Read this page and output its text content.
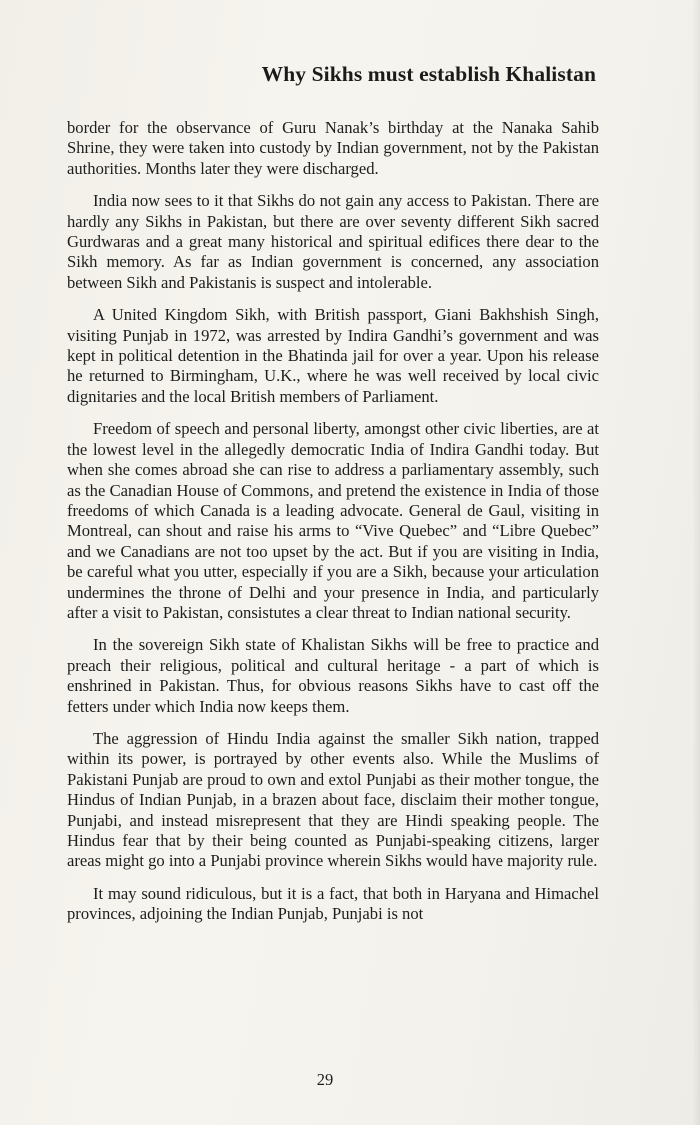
Why Sikhs must establish Khalistan

border for the observance of Guru Nanak’s birthday at the Nanaka Sahib Shrine, they were taken into custody by Indian government, not by the Pakistan authorities. Months later they were discharged.

India now sees to it that Sikhs do not gain any access to Pakistan. There are hardly any Sikhs in Pakistan, but there are over seventy different Sikh sacred Gurdwaras and a great many historical and spiritual edifices there dear to the Sikh memory. As far as Indian government is concerned, any association between Sikh and Pakistanis is suspect and intolerable.

A United Kingdom Sikh, with British passport, Giani Bakhshish Singh, visiting Punjab in 1972, was arrested by Indira Gandhi’s government and was kept in political detention in the Bhatinda jail for over a year. Upon his release he returned to Birmingham, U.K., where he was well received by local civic dignitaries and the local British members of Parliament.

Freedom of speech and personal liberty, amongst other civic liberties, are at the lowest level in the allegedly democratic India of Indira Gandhi today. But when she comes abroad she can rise to address a parliamentary assembly, such as the Canadian House of Commons, and pretend the existence in India of those freedoms of which Canada is a leading advocate. General de Gaul, visiting in Montreal, can shout and raise his arms to “Vive Quebec” and “Libre Quebec” and we Canadians are not too upset by the act. But if you are visiting in India, be careful what you utter, especially if you are a Sikh, because your articulation undermines the throne of Delhi and your presence in India, and particularly after a visit to Pakistan, consistutes a clear threat to Indian national security.

In the sovereign Sikh state of Khalistan Sikhs will be free to practice and preach their religious, political and cultural heritage - a part of which is enshrined in Pakistan. Thus, for obvious reasons Sikhs have to cast off the fetters under which India now keeps them.

The aggression of Hindu India against the smaller Sikh nation, trapped within its power, is portrayed by other events also. While the Muslims of Pakistani Punjab are proud to own and extol Punjabi as their mother tongue, the Hindus of Indian Punjab, in a brazen about face, disclaim their mother tongue, Punjabi, and instead misrepresent that they are Hindi speaking people. The Hindus fear that by their being counted as Punjabi-speaking citizens, larger areas might go into a Punjabi province wherein Sikhs would have majority rule.

It may sound ridiculous, but it is a fact, that both in Haryana and Himachel provinces, adjoining the Indian Punjab, Punjabi is not

29
